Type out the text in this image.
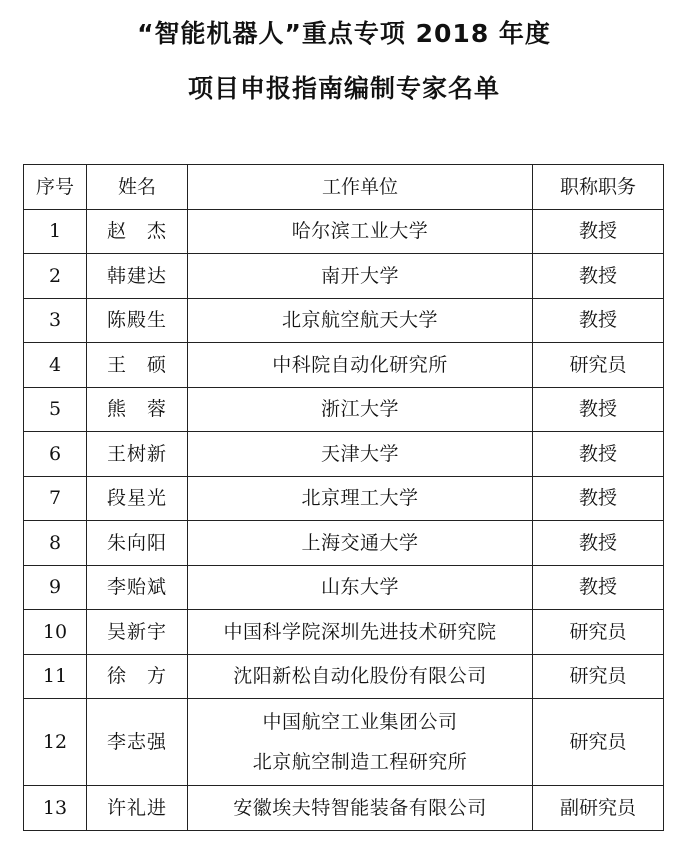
“智能机器人”重点专项 2018 年度
项目申报指南编制专家名单
序号	姓名	工作单位	职称职务
1	赵　杰	哈尔滨工业大学	教授
2	韩建达	南开大学	教授
3	陈殿生	北京航空航天大学	教授
4	王　硕	中科院自动化研究所	研究员
5	熊　蓉	浙江大学	教授
6	王树新	天津大学	教授
7	段星光	北京理工大学	教授
8	朱向阳	上海交通大学	教授
9	李贻斌	山东大学	教授
10	吴新宇	中国科学院深圳先进技术研究院	研究员
11	徐　方	沈阳新松自动化股份有限公司	研究员
12	李志强	中国航空工业集团公司
北京航空制造工程研究所	研究员
13	许礼进	安徽埃夫特智能装备有限公司	副研究员
